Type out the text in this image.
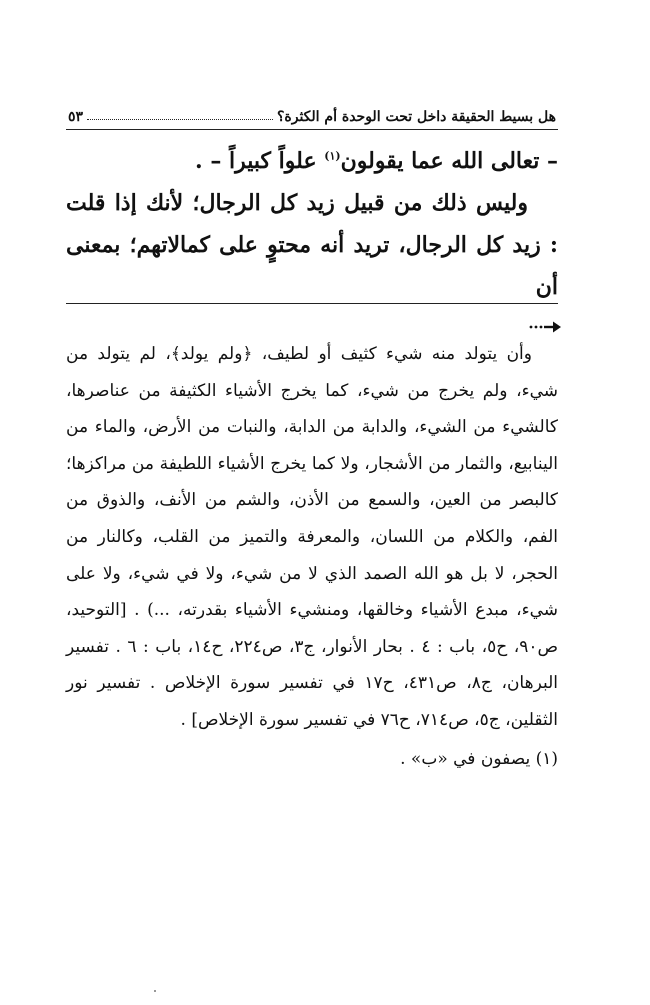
هل بسيط الحقيقة داخل تحت الوحدة أم الكثرة؟
٥٣

– تعالى الله عما يقولون$^{(١)}$ علواً كبيراً – .

وليس ذلك من قبيل زيد كل الرجال؛ لأنك إذا قلت : زيد كل الرجال، تريد أنه محتوٍ على كمالاتهم؛ بمعنى أن

وأن يتولد منه شيء كثيف أو لطيف، ﴿ولم يولد﴾، لم يتولد من شيء، ولم يخرج من شيء، كما يخرج الأشياء الكثيفة من عناصرها، كالشيء من الشيء، والدابة من الدابة، والنبات من الأرض، والماء من الينابيع، والثمار من الأشجار، ولا كما يخرج الأشياء اللطيفة من مراكزها؛ كالبصر من العين، والسمع من الأذن، والشم من الأنف، والذوق من الفم، والكلام من اللسان، والمعرفة والتميز من القلب، وكالنار من الحجر، لا بل هو الله الصمد الذي لا من شيء، ولا في شيء، ولا على شيء، مبدع الأشياء وخالقها، ومنشيء الأشياء بقدرته، ...) . [التوحيد، ص٩٠، ح٥، باب : ٤ . بحار الأنوار، ج٣، ص٢٢٤، ح١٤، باب : ٦ . تفسير البرهان، ج٨، ص٤٣١، ح١٧ في تفسير سورة الإخلاص . تفسير نور الثقلين، ج٥، ص٧١٤، ح٧٦ في تفسير سورة الإخلاص] .

(١) يصفون في «ب» .
